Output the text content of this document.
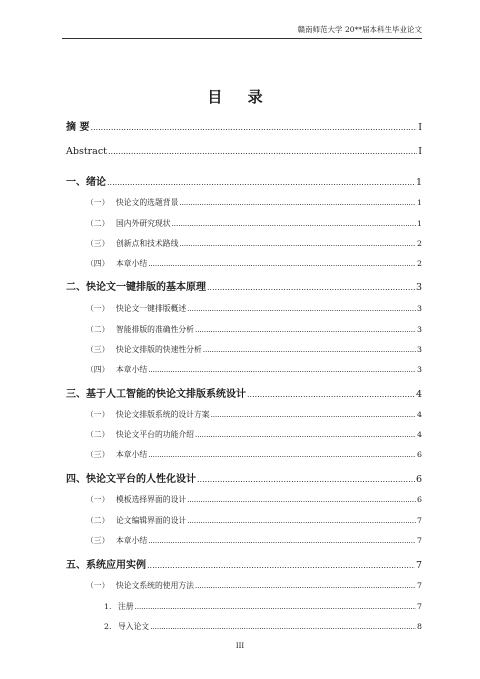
赣南师范大学 20**届本科生毕业论文
目 录
摘 要 .....	I
Abstract .....	I
一、绪论 .....	1
（一） 快论文的选题背景 .....	1
（二） 国内外研究现状 .....	1
（三） 创新点和技术路线 .....	2
（四） 本章小结 .....	2
二、快论文一键排版的基本原理 .....	3
（一） 快论文一键排版概述 .....	3
（二） 智能排版的准确性分析 .....	3
（三） 快论文排版的快速性分析 .....	3
（四） 本章小结 .....	3
三、基于人工智能的快论文排版系统设计 .....	4
（一） 快论文排版系统的设计方案 .....	4
（二） 快论文平台的功能介绍 .....	4
（三） 本章小结 .....	6
四、快论文平台的人性化设计 .....	6
（一） 模板选择界面的设计 .....	6
（二） 论文编辑界面的设计 .....	7
（三） 本章小结 .....	7
五、系统应用实例 .....	7
（一） 快论文系统的使用方法 .....	7
1. 注册 .....	7
2. 导入论文 .....	8
III
